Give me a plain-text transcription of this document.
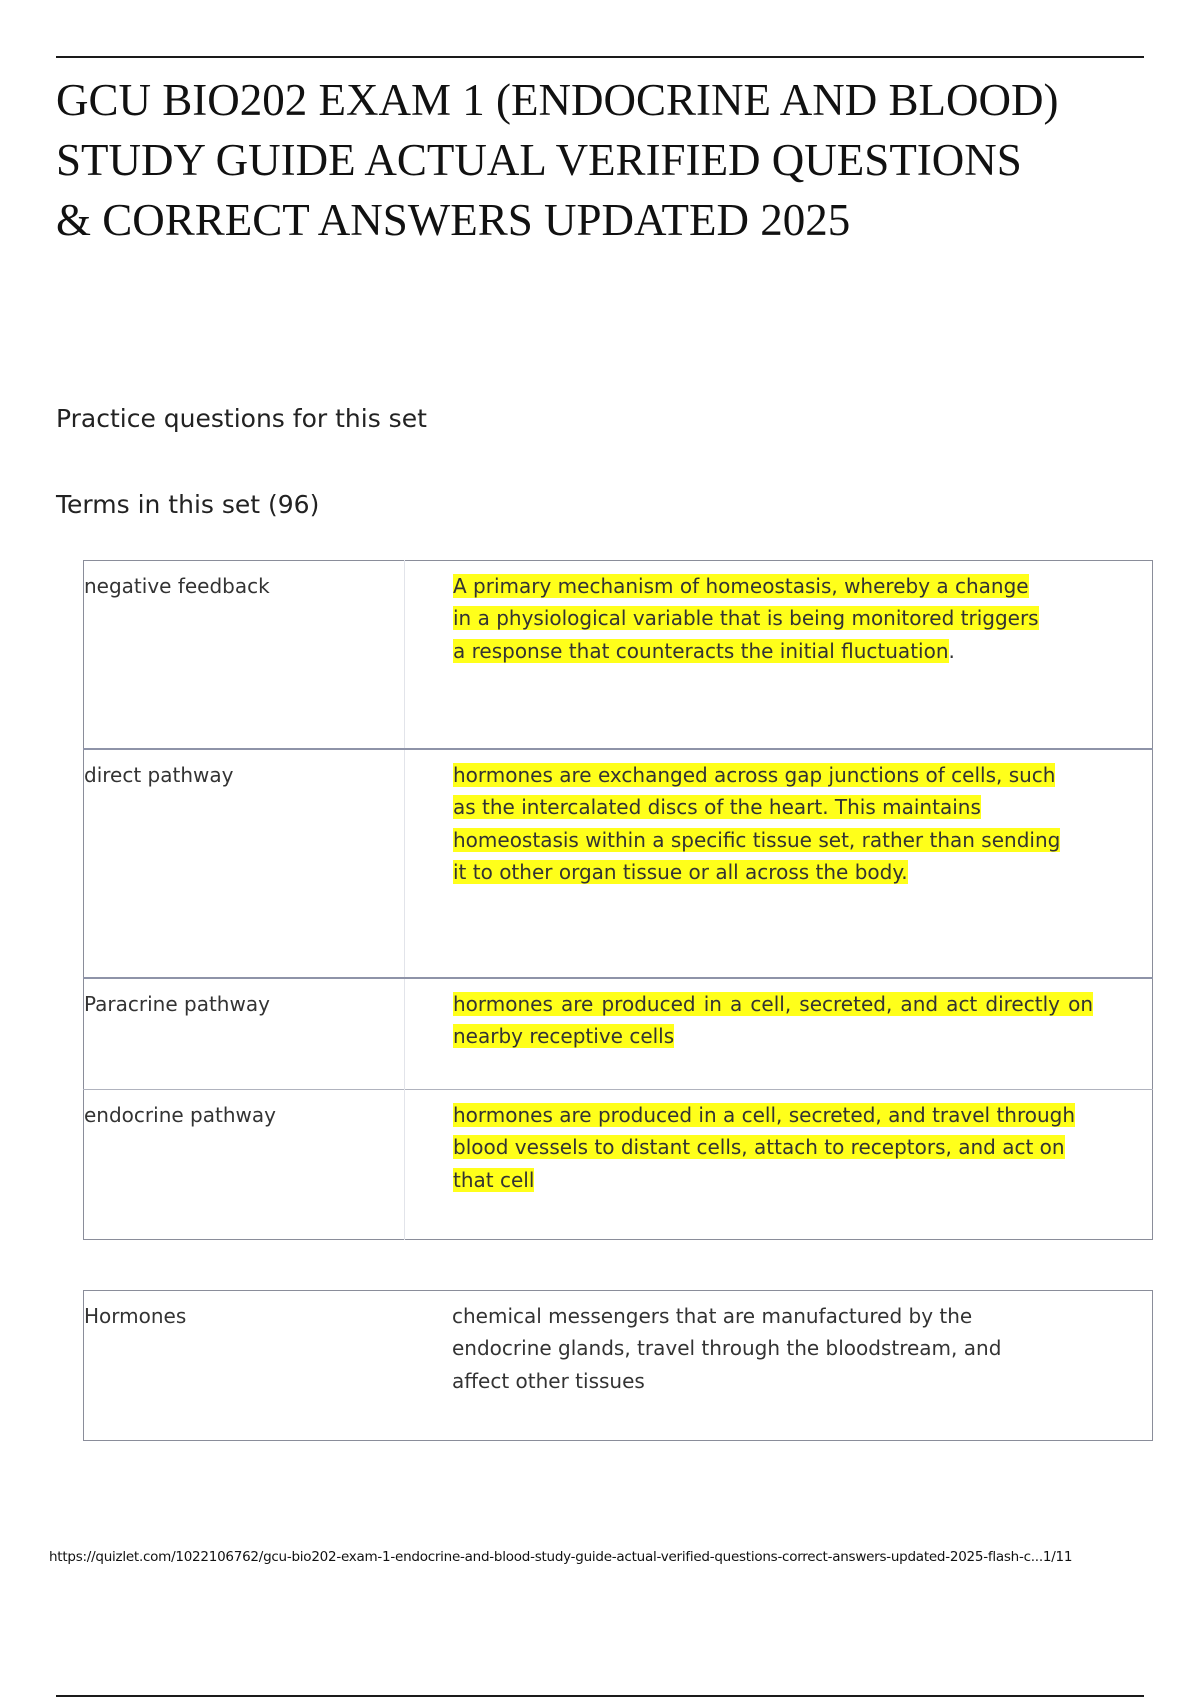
GCU BIO202 EXAM 1 (ENDOCRINE AND BLOOD)
STUDY GUIDE ACTUAL VERIFIED QUESTIONS
& CORRECT ANSWERS UPDATED 2025
Practice questions for this set
Terms in this set (96)
negative feedback	A primary mechanism of homeostasis, whereby a change
in a physiological variable that is being monitored triggers
a response that counteracts the initial fluctuation.

direct pathway	hormones are exchanged across gap junctions of cells, such
as the intercalated discs of the heart. This maintains
homeostasis within a specific tissue set, rather than sending
it to other organ tissue or all across the body.

Paracrine pathway	hormones are produced in a cell, secreted, and act directly on
nearby receptive cells

endocrine pathway	hormones are produced in a cell, secreted, and travel through
blood vessels to distant cells, attach to receptors, and act on
that cell
Hormones	chemical messengers that are manufactured by the
endocrine glands, travel through the bloodstream, and
affect other tissues
https://quizlet.com/1022106762/gcu-bio202-exam-1-endocrine-and-blood-study-guide-actual-verified-questions-correct-answers-updated-2025-flash-c...1/11
